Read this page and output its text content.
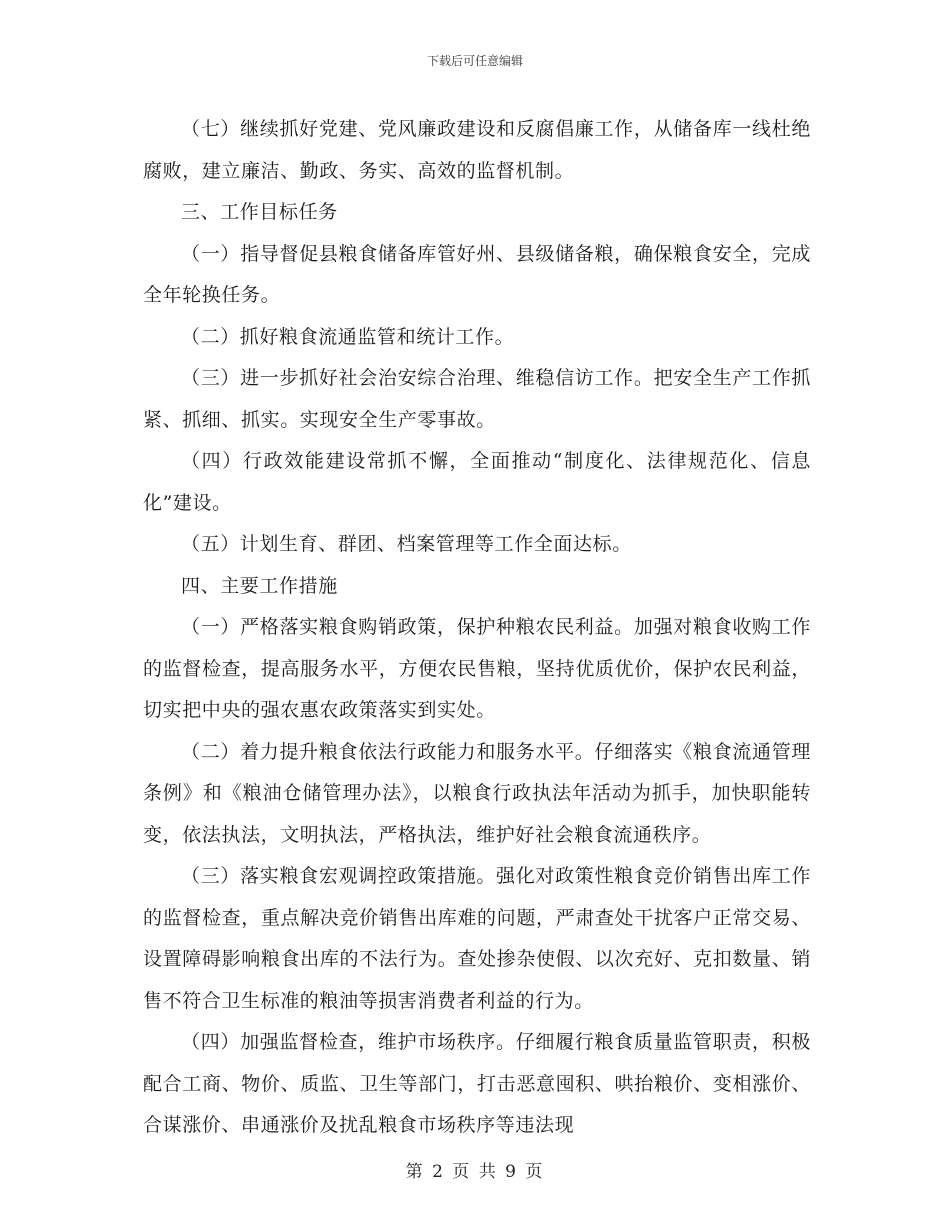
下载后可任意编辑

（七）继续抓好党建、党风廉政建设和反腐倡廉工作，从储备库一线杜绝腐败，建立廉洁、勤政、务实、高效的监督机制。

三、工作目标任务

（一）指导督促县粮食储备库管好州、县级储备粮，确保粮食安全，完成全年轮换任务。

（二）抓好粮食流通监管和统计工作。

（三）进一步抓好社会治安综合治理、维稳信访工作。把安全生产工作抓紧、抓细、抓实。实现安全生产零事故。

（四）行政效能建设常抓不懈，全面推动“制度化、法律规范化、信息化”建设。

（五）计划生育、群团、档案管理等工作全面达标。

四、主要工作措施

（一）严格落实粮食购销政策，保护种粮农民利益。加强对粮食收购工作的监督检查，提高服务水平，方便农民售粮，坚持优质优价，保护农民利益，切实把中央的强农惠农政策落实到实处。

（二）着力提升粮食依法行政能力和服务水平。仔细落实《粮食流通管理条例》和《粮油仓储管理办法》，以粮食行政执法年活动为抓手，加快职能转变，依法执法，文明执法，严格执法，维护好社会粮食流通秩序。

（三）落实粮食宏观调控政策措施。强化对政策性粮食竞价销售出库工作的监督检查，重点解决竞价销售出库难的问题，严肃查处干扰客户正常交易、设置障碍影响粮食出库的不法行为。查处掺杂使假、以次充好、克扣数量、销售不符合卫生标准的粮油等损害消费者利益的行为。

（四）加强监督检查，维护市场秩序。仔细履行粮食质量监管职责，积极配合工商、物价、质监、卫生等部门，打击恶意囤积、哄抬粮价、变相涨价、合谋涨价、串通涨价及扰乱粮食市场秩序等违法现

第 2 页 共 9 页
